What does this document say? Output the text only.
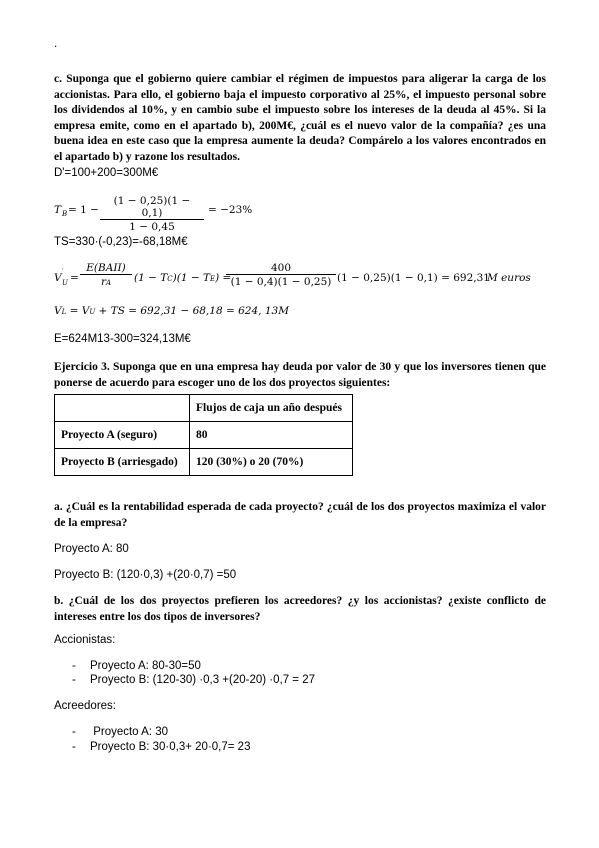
.
c. Suponga que el gobierno quiere cambiar el régimen de impuestos para aligerar la carga de los accionistas. Para ello, el gobierno baja el impuesto corporativo al 25%, el impuesto personal sobre los dividendos al 10%, y en cambio sube el impuesto sobre los intereses de la deuda al 45%. Si la empresa emite, como en el apartado b), 200M€, ¿cuál es el nuevo valor de la compañía? ¿es una buena idea en este caso que la empresa aumente la deuda? Compárelo a los valores encontrados en el apartado b) y razone los resultados.
D'=100+200=300M€
T $B = 1 - \frac{(1 - 0,25)(1 - 0,1)}{1 - 0,45} = -23\%$
TS=330·(-0,23)=-68,18M€
V ′
U =
E(BAII)
rA	(1 − TC)(1 − TE) =
$\frac{400}{(1 - 0,4)(1 - 0,25)} (1 - 0,25)(1 - 0,1) = 692,31$
M euros
VL = VU + TS = 692,31 − 68,18 = 624, 13M
E=624M13-300=324,13M€
Ejercicio 3. Suponga que en una empresa hay deuda por valor de 30 y que los inversores tienen que ponerse de acuerdo para escoger uno de los dos proyectos siguientes:
	Flujos de caja un año después
Proyecto A (seguro)	80
Proyecto B (arriesgado)	120 (30%) o 20 (70%)
a. ¿Cuál es la rentabilidad esperada de cada proyecto? ¿cuál de los dos proyectos maximiza el valor de la empresa?
Proyecto A: 80
Proyecto B: (120·0,3) +(20·0,7) =50
b. ¿Cuál de los dos proyectos prefieren los acreedores? ¿y los accionistas? ¿existe conflicto de intereses entre los dos tipos de inversores?
Accionistas:
- Proyecto A: 80-30=50
- Proyecto B: (120-30) ·0,3 +(20-20) ·0,7 = 27
Acreedores:
- Proyecto A: 30
- Proyecto B: 30·0,3+ 20·0,7= 23
